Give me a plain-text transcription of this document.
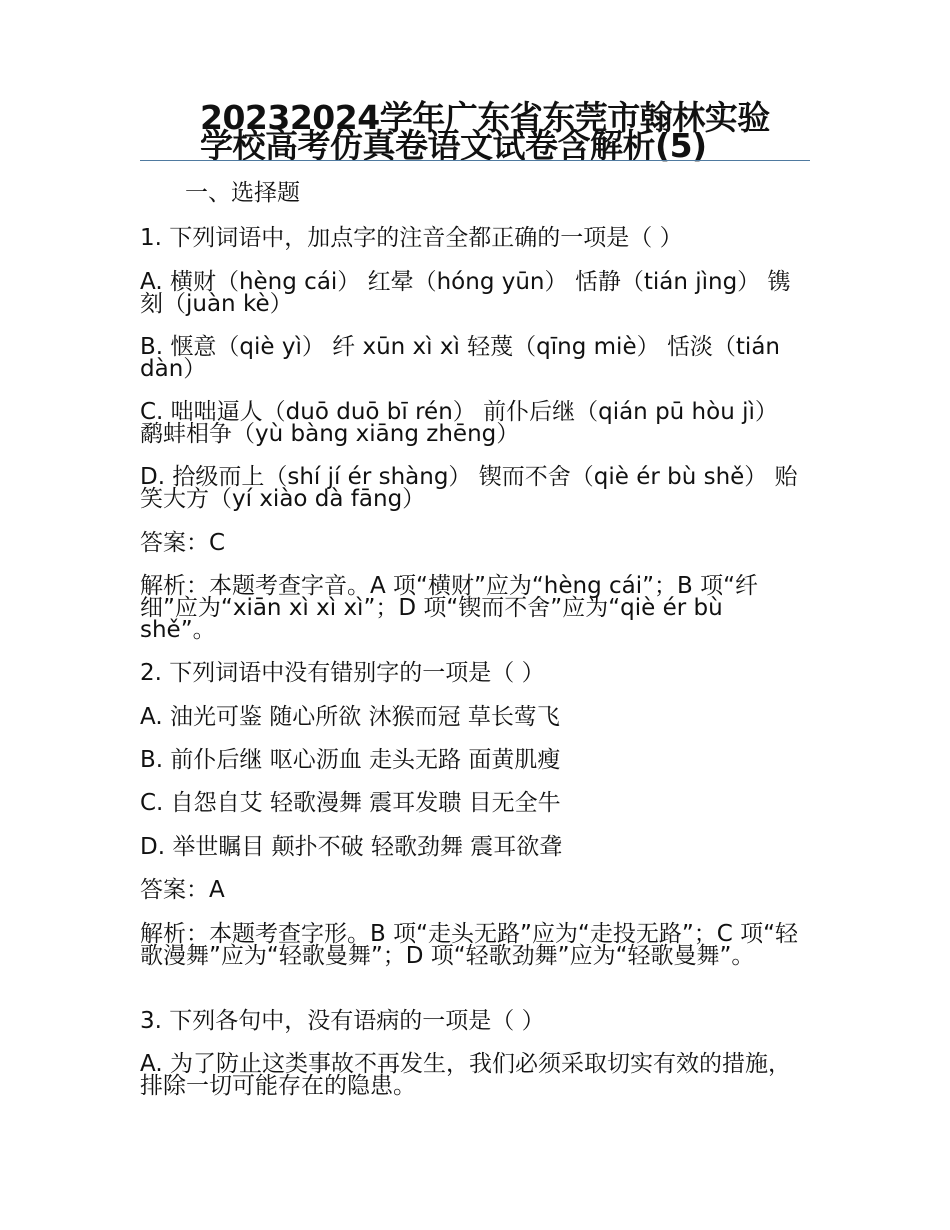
20232024学年广东省东莞市翰林实验学校高考仿真卷语文试卷含解析(5)
一、选择题
1. 下列词语中，加点字的注音全都正确的一项是（ ）
A. 横财（hèng cái） 红晕（hóng yūn） 恬静（tián jìng） 镌刻（juàn kè）
B. 惬意（qiè yì） 纤 xūn xì xì 轻蔑（qīng miè） 恬淡（tián dàn）
C. 咄咄逼人（duō duō bī rén） 前仆后继（qián pū hòu jì） 鹬蚌相争（yù bàng xiāng zhēng）
D. 拾级而上（shí jí ér shàng） 锲而不舍（qiè ér bù shě） 贻笑大方（yí xiào dà fāng）
答案：C
解析：本题考查字音。A 项“横财”应为“hèng cái”；B 项“纤细”应为“xiān xì xì xì”；D 项“锲而不舍”应为“qiè ér bù shě”。
2. 下列词语中没有错别字的一项是（ ）
A. 油光可鉴 随心所欲 沐猴而冠 草长莺飞
B. 前仆后继 呕心沥血 走头无路 面黄肌瘦
C. 自怨自艾 轻歌漫舞 震耳发聩 目无全牛
D. 举世瞩目 颠扑不破 轻歌劲舞 震耳欲聋
答案：A
解析：本题考查字形。B 项“走头无路”应为“走投无路”；C 项“轻歌漫舞”应为“轻歌曼舞”；D 项“轻歌劲舞”应为“轻歌曼舞”。
3. 下列各句中，没有语病的一项是（ ）
A. 为了防止这类事故不再发生，我们必须采取切实有效的措施，排除一切可能存在的隐患。
